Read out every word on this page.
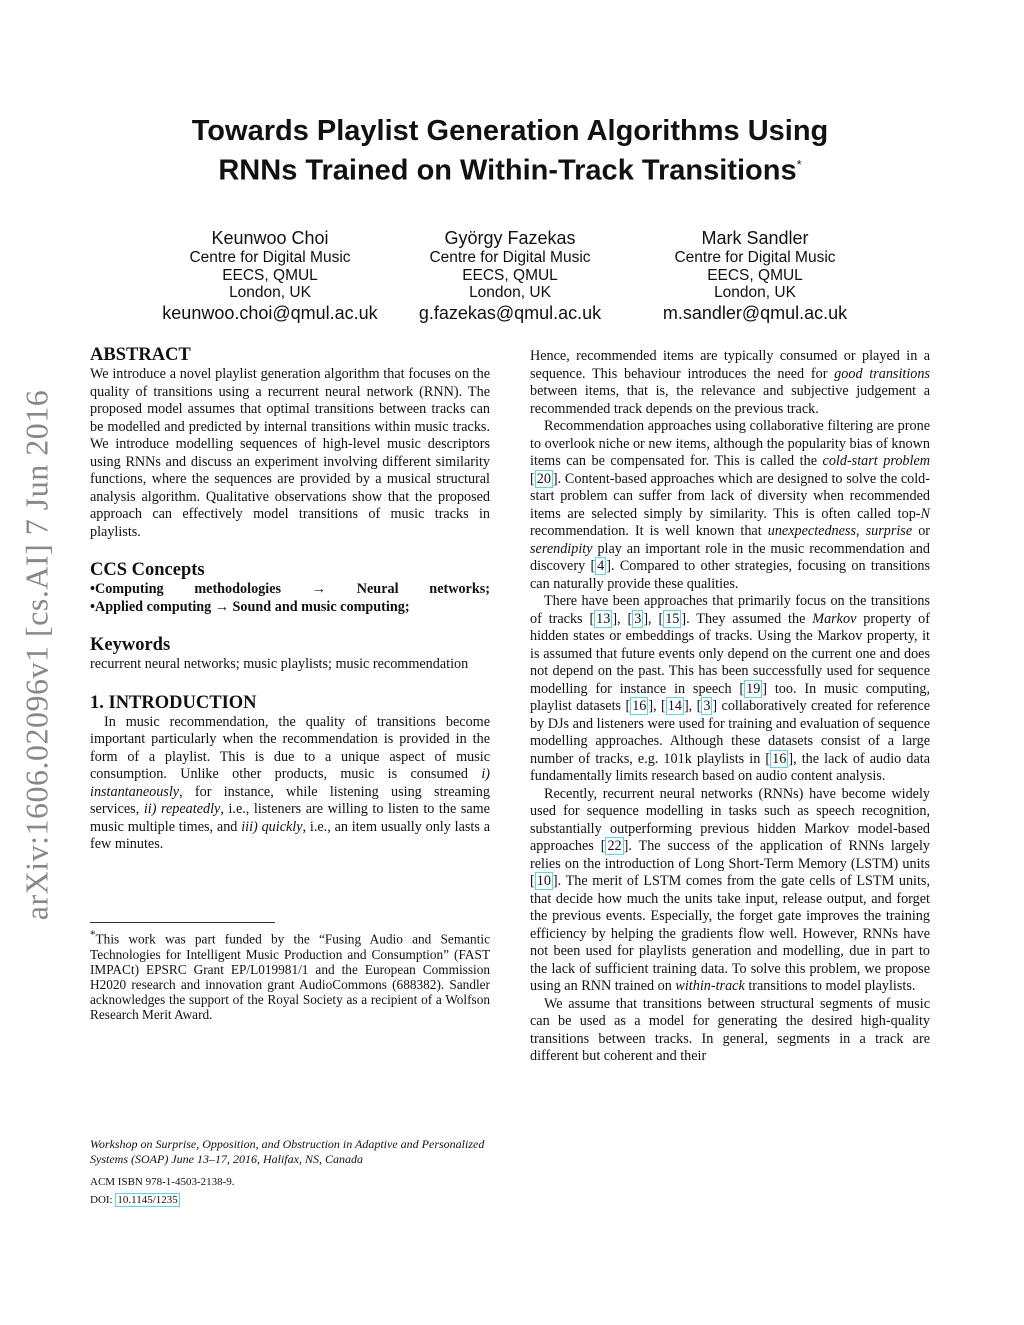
arXiv:1606.02096v1 [cs.AI] 7 Jun 2016
Towards Playlist Generation Algorithms Using
RNNs Trained on Within-Track Transitions*
Keunwoo Choi
Centre for Digital Music
EECS, QMUL
London, UK
keunwoo.choi@qmul.ac.uk
György Fazekas
Centre for Digital Music
EECS, QMUL
London, UK
g.fazekas@qmul.ac.uk
Mark Sandler
Centre for Digital Music
EECS, QMUL
London, UK
m.sandler@qmul.ac.uk
ABSTRACT

We introduce a novel playlist generation algorithm that focuses on the quality of transitions using a recurrent neural network (RNN). The proposed model assumes that optimal transitions between tracks can be modelled and predicted by internal transitions within music tracks. We introduce modelling sequences of high-level music descriptors using RNNs and discuss an experiment involving different similarity functions, where the sequences are provided by a musical structural analysis algorithm. Qualitative observations show that the proposed approach can effectively model transitions of music tracks in playlists.

CCS Concepts

•Computing methodologies → Neural networks;

•Applied computing → Sound and music computing;

Keywords

recurrent neural networks; music playlists; music recommendation

1. INTRODUCTION

In music recommendation, the quality of transitions become important particularly when the recommendation is provided in the form of a playlist. This is due to a unique aspect of music consumption. Unlike other products, music is consumed i) instantaneously, for instance, while listening using streaming services, ii) repeatedly, i.e., listeners are willing to listen to the same music multiple times, and iii) quickly, i.e., an item usually only lasts a few minutes.

*This work was part funded by the “Fusing Audio and Semantic Technologies for Intelligent Music Production and Consumption” (FAST IMPACt) EPSRC Grant EP/L019981/1 and the European Commission H2020 research and innovation grant AudioCommons (688382). Sandler acknowledges the support of the Royal Society as a recipient of a Wolfson Research Merit Award.
Workshop on Surprise, Opposition, and Obstruction in Adaptive and Personalized Systems (SOAP) June 13–17, 2016, Halifax, NS, Canada
ACM ISBN 978-1-4503-2138-9.
DOI: 10.1145/1235

Hence, recommended items are typically consumed or played in a sequence. This behaviour introduces the need for good transitions between items, that is, the relevance and subjective judgement a recommended track depends on the previous track.

Recommendation approaches using collaborative filtering are prone to overlook niche or new items, although the popularity bias of known items can be compensated for. This is called the cold-start problem [ 20 ]. Content-based approaches which are designed to solve the cold-start problem can suffer from lack of diversity when recommended items are selected simply by similarity. This is often called top-N recommendation. It is well known that unexpectedness, surprise or serendipity play an important role in the music recommendation and discovery [ 4 ]. Compared to other strategies, focusing on transitions can naturally provide these qualities.

There have been approaches that primarily focus on the transitions of tracks [ 13 ], [ 3 ], [ 15 ]. They assumed the Markov property of hidden states or embeddings of tracks. Using the Markov property, it is assumed that future events only depend on the current one and does not depend on the past. This has been successfully used for sequence modelling for instance in speech [ 19 ] too. In music computing, playlist datasets [ 16 ], [ 14 ], [ 3 ] collaboratively created for reference by DJs and listeners were used for training and evaluation of sequence modelling approaches. Although these datasets consist of a large number of tracks, e.g. 101k playlists in [ 16 ], the lack of audio data fundamentally limits research based on audio content analysis.

Recently, recurrent neural networks (RNNs) have become widely used for sequence modelling in tasks such as speech recognition, substantially outperforming previous hidden Markov model-based approaches [ 22 ]. The success of the application of RNNs largely relies on the introduction of Long Short-Term Memory (LSTM) units [ 10 ]. The merit of LSTM comes from the gate cells of LSTM units, that decide how much the units take input, release output, and forget the previous events. Especially, the forget gate improves the training efficiency by helping the gradients flow well. However, RNNs have not been used for playlists generation and modelling, due in part to the lack of sufficient training data. To solve this problem, we propose using an RNN trained on within-track transitions to model playlists.

We assume that transitions between structural segments of music can be used as a model for generating the desired high-quality transitions between tracks. In general, segments in a track are different but coherent and their
